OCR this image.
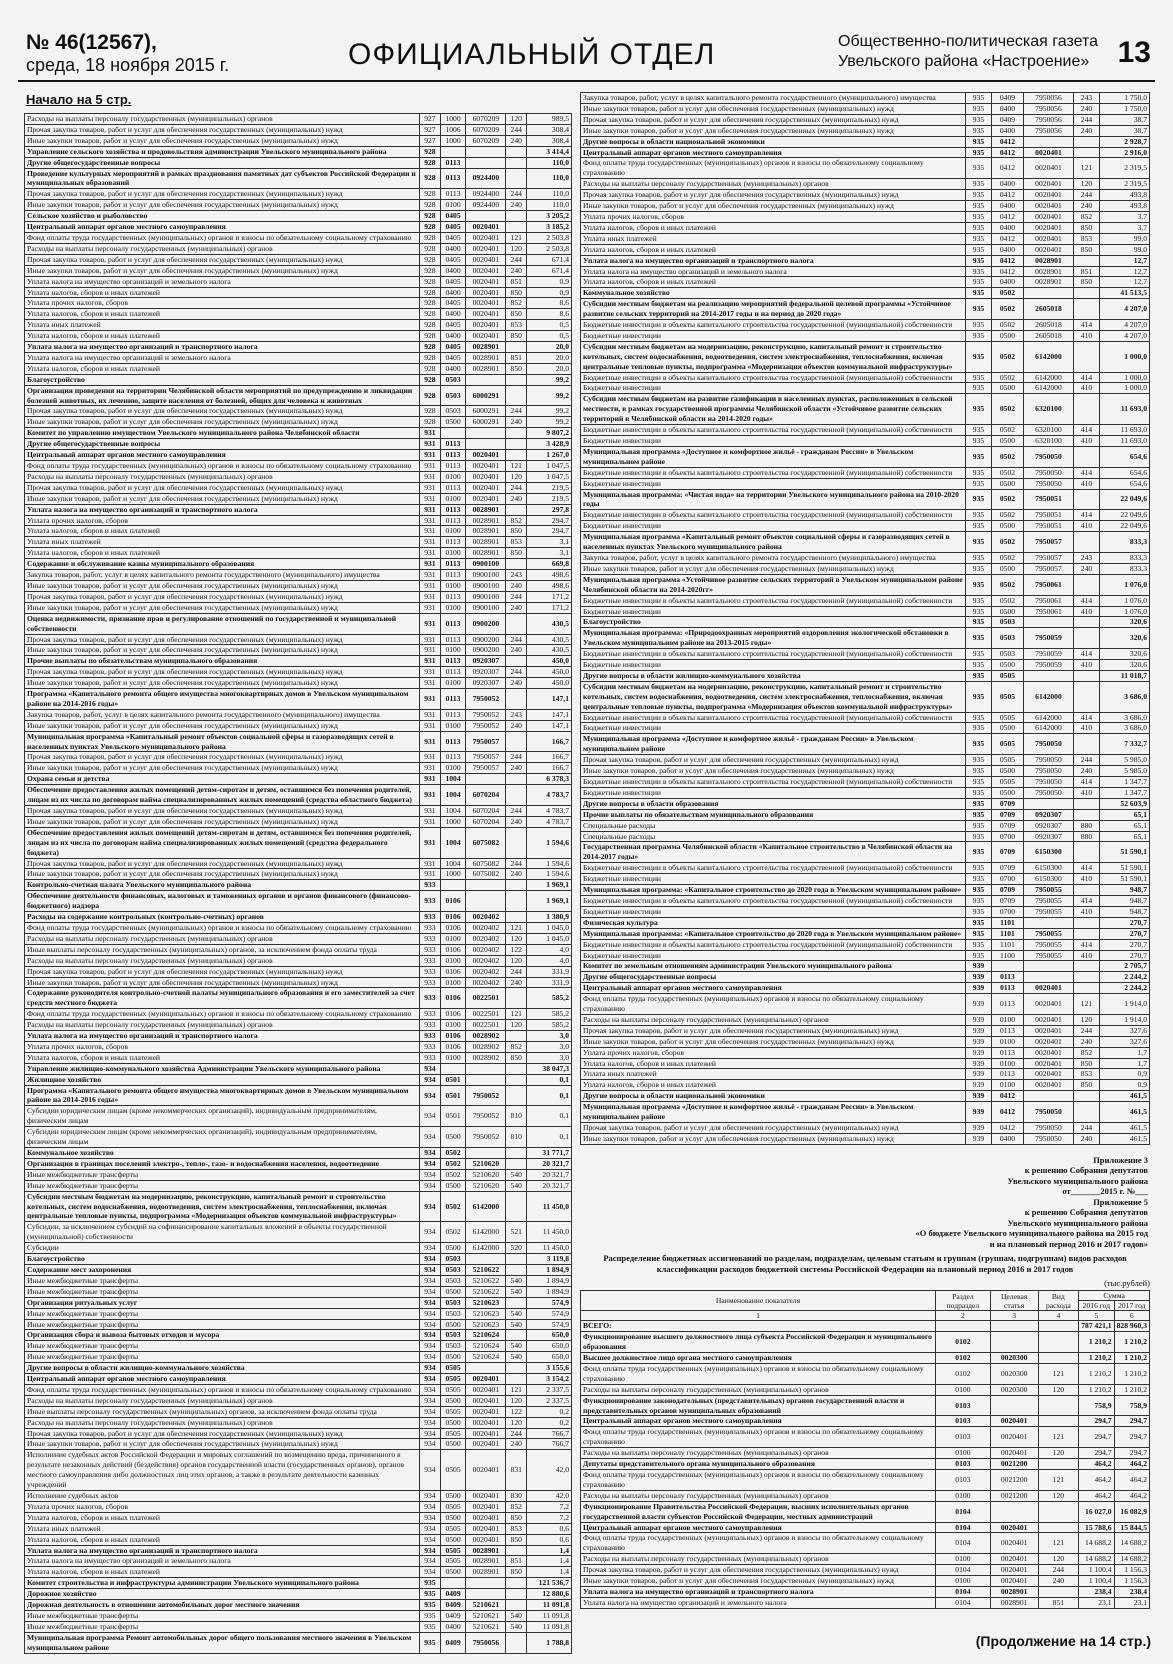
№ 46(12567),
среда, 18 ноября 2015 г.	ОФИЦИАЛЬНЫЙ ОТДЕЛ	Общественно-политическая газета
Увельского района «Настроение» 13
Начало на 5 стр.
Расходы на выплаты персоналу государственных (муниципальных) органов	927	1000	6070209	120	989,5
Прочая закупка товаров, работ и услуг для обеспечения государственных (муниципальных) нужд	927	1006	6070209	244	308,4
Иные закупки товаров, работ и услуг для обеспечения государственных (муниципальных) нужд	927	1000	6070209	240	308,4
Управление сельского хозяйства и продовольствия администрации Увельского муниципального района	928				3 414,4
Другие общегосударственные вопросы	928	0113			110,0
Проведение культурных мероприятий в рамках празднования памятных дат субъектов Российской Федерации и муниципальных образований	928	0113	0924400		110,0
Прочая закупка товаров, работ и услуг для обеспечения государственных (муниципальных) нужд	928	0113	0924400	244	110,0
Иные закупки товаров, работ и услуг для обеспечения государственных (муниципальных) нужд	928	0100	0924400	240	110,0
Сельское хозяйство и рыболовство	928	0405			3 205,2
Центральный аппарат органов местного самоуправления	928	0405	0020401		3 185,2
Фонд оплаты труда государственных (муниципальных) органов и взносы по обязательному социальному страхованию	928	0405	0020401	121	2 503,8
Расходы на выплаты персоналу государственных (муниципальных) органов	928	0400	0020401	120	2 503,8
Прочая закупка товаров, работ и услуг для обеспечения государственных (муниципальных) нужд	928	0405	0020401	244	671,4
Иные закупки товаров, работ и услуг для обеспечения государственных (муниципальных) нужд	928	0400	0020401	240	671,4
Уплата налога на имущество организаций и земельного налога	928	0405	0020401	851	0,9
Уплата налогов, сборов и иных платежей	928	0400	0020401	850	0,9
Уплата прочих налогов, сборов	928	0405	0020401	852	8,6
Уплата налогов, сборов и иных платежей	928	0400	0020401	850	8,6
Уплата иных платежей	928	0405	0020401	853	0,5
Уплата налогов, сборов и иных платежей	928	0400	0020401	850	0,5
Уплата налога на имущество организаций и транспортного налога	928	0405	0028901		20,0
Уплата налога на имущество организаций и земельного налога	928	0405	0028901	851	20,0
Уплата налогов, сборов и иных платежей	928	0400	0028901	850	20,0
Благоустройство	928	0503			99,2
Организация проведения на территории Челябинской области мероприятий по предупреждению и ликвидации болезней животных, их лечению, защите населения от болезней, общих для человека и животных	928	0503	6000291		99,2
Прочая закупка товаров, работ и услуг для обеспечения государственных (муниципальных) нужд	928	0503	6000291	244	99,2
Иные закупки товаров, работ и услуг для обеспечения государственных (муниципальных) нужд	928	0500	6000291	240	99,2
Комитет по управлению имуществом Увельского муниципального района Челябинской области	931				9 807,2
Другие общегосударственные вопросы	931	0113			3 428,9
Центральный аппарат органов местного самоуправления	931	0113	0020401		1 267,0
Фонд оплаты труда государственных (муниципальных) органов и взносы по обязательному социальному страхованию	931	0113	0020401	121	1 047,5
Расходы на выплаты персоналу государственных (муниципальных) органов	931	0100	0020401	120	1 047,5
Прочая закупка товаров, работ и услуг для обеспечения государственных (муниципальных) нужд	931	0113	0020401	244	219,5
Иные закупки товаров, работ и услуг для обеспечения государственных (муниципальных) нужд	931	0100	0020401	240	219,5
Уплата налога на имущество организаций и транспортного налога	931	0113	0028901		297,8
Уплата прочих налогов, сборов	931	0113	0028901	852	294,7
Уплата налогов, сборов и иных платежей	931	0100	0028901	850	294,7
Уплата иных платежей	931	0113	0028901	853	3,1
Уплата налогов, сборов и иных платежей	931	0100	0028901	850	3,1
Содержание и обслуживание казны муниципального образования	931	0113	0900100		669,8
Закупка товаров, работ, услуг в целях капитального ремонта государственного (муниципального) имущества	931	0113	0900100	243	498,6
Иные закупки товаров, работ и услуг для обеспечения государственных (муниципальных) нужд	931	0100	0900100	240	498,6
Прочая закупка товаров, работ и услуг для обеспечения государственных (муниципальных) нужд	931	0113	0900100	244	171,2
Иные закупки товаров, работ и услуг для обеспечения государственных (муниципальных) нужд	931	0100	0900100	240	171,2
Оценка недвижимости, признание прав и регулирование отношений по государственной и муниципальной собственности	931	0113	0900200		430,5
Прочая закупка товаров, работ и услуг для обеспечения государственных (муниципальных) нужд	931	0113	0900200	244	430,5
Иные закупки товаров, работ и услуг для обеспечения государственных (муниципальных) нужд	931	0100	0900200	240	430,5
Прочие выплаты по обязательствам муниципального образования	931	0113	0920307		450,0
Прочая закупка товаров, работ и услуг для обеспечения государственных (муниципальных) нужд	931	0113	0920307	244	450,0
Иные закупки товаров, работ и услуг для обеспечения государственных (муниципальных) нужд	931	0100	0920307	240	450,0
Программа «Капитального ремонта общего имущества многоквартирных домов в Увельском муниципальном районе на 2014-2016 годы»	931	0113	7950052		147,1
Закупка товаров, работ, услуг в целях капитального ремонта государственного (муниципального) имущества	931	0113	7950052	243	147,1
Иные закупки товаров, работ и услуг для обеспечения государственных (муниципальных) нужд	931	0100	7950052	240	147,1
Муниципальная программа «Капитальный ремонт объектов социальной сферы и газоразводящих сетей в населенных пунктах Увельского муниципального района	931	0113	7950057		166,7
Прочая закупка товаров, работ и услуг для обеспечения государственных (муниципальных) нужд	931	0113	7950057	244	166,7
Иные закупки товаров, работ и услуг для обеспечения государственных (муниципальных) нужд	931	0100	7950057	240	166,7
Охрана семьи и детства	931	1004			6 378,3
Обеспечение предоставления жилых помещений детям-сиротам и детям, оставшимся без попечения родителей, лицам из их числа по договорам найма специализированных жилых помещений (средства областного бюджета)	931	1004	6070204		4 783,7
Прочая закупка товаров, работ и услуг для обеспечения государственных (муниципальных) нужд	931	1004	6070204	244	4 783,7
Иные закупки товаров, работ и услуг для обеспечения государственных (муниципальных) нужд	931	1000	6070204	240	4 783,7
Обеспечение предоставления жилых помещений детям-сиротам и детям, оставшимся без попечения родителей, лицам из их числа по договорам найма специализированных жилых помещений (средства федерального бюджета)	931	1004	6075082		1 594,6
Прочая закупка товаров, работ и услуг для обеспечения государственных (муниципальных) нужд	931	1004	6075082	244	1 594,6
Иные закупки товаров, работ и услуг для обеспечения государственных (муниципальных) нужд	931	1000	6075082	240	1 594,6
Контрольно-счетная палата Увельского муниципального района	933				1 969,1
Обеспечение деятельности финансовых, налоговых и таможенных органов и органов финансового (финансово-бюджетного) надзора	933	0106			1 969,1
Расходы на содержание контрольных (контрольно-счетных) органов	933	0106	0020402		1 380,9
Фонд оплаты труда государственных (муниципальных) органов и взносы по обязательному социальному страхованию	933	0106	0020402	121	1 045,0
Расходы на выплаты персоналу государственных (муниципальных) органов	933	0100	0020402	120	1 045,0
Иные выплаты персоналу государственных (муниципальных) органов, за исключением фонда оплаты труда	933	0106	0020402	122	4,0
Расходы на выплаты персоналу государственных (муниципальных) органов	933	0100	0020402	120	4,0
Прочая закупка товаров, работ и услуг для обеспечения государственных (муниципальных) нужд	933	0106	0020402	244	331,9
Иные закупки товаров, работ и услуг для обеспечения государственных (муниципальных) нужд	933	0100	0020402	240	331,9
Содержание руководителя контрольно-счетной палаты муниципального образования и его заместителей за счет средств местного бюджета	933	0106	0022501		585,2
Фонд оплаты труда государственных (муниципальных) органов и взносы по обязательному социальному страхованию	933	0106	0022501	121	585,2
Расходы на выплаты персоналу государственных (муниципальных) органов	933	0100	0022501	120	585,2
Уплата налога на имущество организаций и транспортного налога	933	0106	0028902		3,0
Уплата прочих налогов, сборов	933	0106	0028902	852	3,0
Уплата налогов, сборов и иных платежей	933	0100	0028902	850	3,0
Управление жилищно-коммунального хозяйства Администрации Увельского муниципального района	934				38 047,3
Жилищное хозяйство	934	0501			0,1
Программа «Капитального ремонта общего имущества многоквартирных домов в Увельском муниципальном районе на 2014-2016 годы»	934	0501	7950052		0,1
Субсидии юридическим лицам (кроме некоммерческих организаций), индивидуальным предпринимателям, физическим лицам	934	0501	7950052	810	0,1
Субсидии юридическим лицам (кроме некоммерческих организаций), индивидуальным предпринимателям, физическим лицам	934	0500	7950052	810	0,1
Коммунальное хозяйство	934	0502			31 771,7
Организация в границах поселений электро-, тепло-, газо- и водоснабжения населения, водоотведение	934	0502	5210620		20 321,7
Иные межбюджетные трансферты	934	0502	5210620	540	20 321,7
Иные межбюджетные трансферты	934	0500	5210620	540	20 321,7
Субсидии местным бюджетам на модернизацию, реконструкцию, капитальный ремонт и строительство котельных, систем водоснабжения, водоотведения, систем электроснабжения, теплоснабжения, включая центральные тепловые пункты, подпрограмма «Модернизация объектов коммунальной инфраструктуры»	934	0502	6142000		11 450,0
Субсидии, за исключением субсидий на софинансирование капитальных вложений в объекты государственной (муниципальной) собственности	934	0502	6142000	521	11 450,0
Субсидии	934	0500	6142000	520	11 450,0
Благоустройство	934	0503			3 119,8
Содержание мест захоронения	934	0503	5210622		1 894,9
Иные межбюджетные трансферты	934	0503	5210622	540	1 894,9
Иные межбюджетные трансферты	934	0500	5210622	540	1 894,9
Организация ритуальных услуг	934	0503	5210623		574,9
Иные межбюджетные трансферты	934	0503	5210623	540	574,9
Иные межбюджетные трансферты	934	0500	5210623	540	574,9
Организация сбора и вывоза бытовых отходов и мусора	934	0503	5210624		650,0
Иные межбюджетные трансферты	934	0503	5210624	540	650,0
Иные межбюджетные трансферты	934	0500	5210624	540	650,0
Другие вопросы в области жилищно-коммунального хозяйства	934	0505			3 155,6
Центральный аппарат органов местного самоуправления	934	0505	0020401		3 154,2
Фонд оплаты труда государственных (муниципальных) органов и взносы по обязательному социальному страхованию	934	0505	0020401	121	2 337,5
Расходы на выплаты персоналу государственных (муниципальных) органов	934	0500	0020401	120	2 337,5
Иные выплаты персоналу государственных (муниципальных) органов, за исключением фонда оплаты труда	934	0505	0020401	122	0,2
Расходы на выплаты персоналу государственных (муниципальных) органов	934	0500	0020401	120	0,2
Прочая закупка товаров, работ и услуг для обеспечения государственных (муниципальных) нужд	934	0505	0020401	244	766,7
Иные закупки товаров, работ и услуг для обеспечения государственных (муниципальных) нужд	934	0500	0020401	240	766,7
Исполнение судебных актов Российской Федерации и мировых соглашений по возмещению вреда, причиненного в результате незаконных действий (бездействия) органов государственной власти (государственных органов), органов местного самоуправления либо должностных лиц этих органов, а также в результате деятельности казенных учреждений	934	0505	0020401	831	42,0
Исполнение судебных актов	934	0500	0020401	830	42,0
Уплата прочих налогов, сборов	934	0505	0020401	852	7,2
Уплата налогов, сборов и иных платежей	934	0500	0020401	850	7,2
Уплата иных платежей	934	0505	0020401	853	0,6
Уплата налогов, сборов и иных платежей	934	0500	0020401	850	0,6
Уплата налога на имущество организаций и транспортного налога	934	0505	0028901		1,4
Уплата налога на имущество организаций и земельного налога	934	0505	0028901	851	1,4
Уплата налогов, сборов и иных платежей	934	0500	0028901	850	1,4
Комитет строительства и инфраструктуры администрации Увельского муниципального района	935				121 536,7
Дорожное хозяйство	935	0409			12 880,6
Дорожная деятельность в отношении автомобильных дорог местного значения	935	0409	5210621		11 091,8
Иные межбюджетные трансферты	935	0409	5210621	540	11 091,8
Иные межбюджетные трансферты	935	0400	5210621	540	11 091,8
Муниципальная программа Ремонт автомобильных дорог общего пользования местного значения в Увельском муниципальном районе	935	0409	7950056		1 788,8
Закупка товаров, работ, услуг в целях капитального ремонта государственного (муниципального) имущества	935	0409	7950056	243	1 750,0
Иные закупки товаров, работ и услуг для обеспечения государственных (муниципальных) нужд	935	0400	7950056	240	1 750,0
Прочая закупка товаров, работ и услуг для обеспечения государственных (муниципальных) нужд	935	0409	7950056	244	38,7
Иные закупки товаров, работ и услуг для обеспечения государственных (муниципальных) нужд	935	0400	7950056	240	38,7
Другие вопросы в области национальной экономики	935	0412			2 928,7
Центральный аппарат органов местного самоуправления	935	0412	0020401		2 916,0
Фонд оплаты труда государственных (муниципальных) органов и взносы по обязательному социальному страхованию	935	0412	0020401	121	2 319,5
Расходы на выплаты персоналу государственных (муниципальных) органов	935	0400	0020401	120	2 319,5
Прочая закупка товаров, работ и услуг для обеспечения государственных (муниципальных) нужд	935	0412	0020401	244	493,8
Иные закупки товаров, работ и услуг для обеспечения государственных (муниципальных) нужд	935	0400	0020401	240	493,8
Уплата прочих налогов, сборов	935	0412	0020401	852	3,7
Уплата налогов, сборов и иных платежей	935	0400	0020401	850	3,7
Уплата иных платежей	935	0412	0020401	853	99,0
Уплата налогов, сборов и иных платежей	935	0400	0020401	850	99,0
Уплата налога на имущество организаций и транспортного налога	935	0412	0028901		12,7
Уплата налога на имущество организаций и земельного налога	935	0412	0028901	851	12,7
Уплата налогов, сборов и иных платежей	935	0400	0028901	850	12,7
Коммунальное хозяйство	935	0502			41 513,5
Субсидии местным бюджетам на реализацию мероприятий федеральной целевой программы «Устойчивое развитие сельских территорий на 2014-2017 годы и на период до 2020 года»	935	0502	2605018		4 207,0
Бюджетные инвестиции в объекты капитального строительства государственной (муниципальной) собственности	935	0502	2605018	414	4 207,0
Бюджетные инвестиции	935	0500	2605018	410	4 207,0
Субсидии местным бюджетам на модернизацию, реконструкцию, капитальный ремонт и строительство котельных, систем водоснабжения, водоотведения, систем электроснабжения, теплоснабжения, включая центральные тепловые пункты, подпрограмма «Модернизация объектов коммунальной инфраструктуры»	935	0502	6142000		1 000,0
Бюджетные инвестиции в объекты капитального строительства государственной (муниципальной) собственности	935	0502	6142000	414	1 000,0
Бюджетные инвестиции	935	0500	6142000	410	1 000,0
Субсидии местным бюджетам на развитие газификации в населенных пунктах, расположенных в сельской местности, в рамках государственной программы Челябинской области «Устойчивое развитие сельских территорий в Челябинской области на 2014-2020 годы»	935	0502	6320100		11 693,0
Бюджетные инвестиции в объекты капитального строительства государственной (муниципальной) собственности	935	0502	6320100	414	11 693,0
Бюджетные инвестиции	935	0500	6320100	410	11 693,0
Муниципальная программа «Доступное и комфортное жильё - гражданам России» в Увельском муниципальном районе	935	0502	7950050		654,6
Бюджетные инвестиции в объекты капитального строительства государственной (муниципальной) собственности	935	0502	7950050	414	654,6
Бюджетные инвестиции	935	0500	7950050	410	654,6
Муниципальная программа: «Чистая вода» на территории Увельского муниципального района на 2010-2020 годы	935	0502	7950051		22 049,6
Бюджетные инвестиции в объекты капитального строительства государственной (муниципальной) собственности	935	0502	7950051	414	22 049,6
Бюджетные инвестиции	935	0500	7950051	410	22 049,6
Муниципальная программа «Капитальный ремонт объектов социальной сферы и газоразводящих сетей в населенных пунктах Увельского муниципального района	935	0502	7950057		833,3
Закупка товаров, работ, услуг в целях капитального ремонта государственного (муниципального) имущества	935	0502	7950057	243	833,3
Иные закупки товаров, работ и услуг для обеспечения государственных (муниципальных) нужд	935	0500	7950057	240	833,3
Муниципальная программа «Устойчивое развитие сельских территорий в Увельском муниципальном районе Челябинской области на 2014-2020гг»	935	0502	7950061		1 076,0
Бюджетные инвестиции в объекты капитального строительства государственной (муниципальной) собственности	935	0502	7950061	414	1 076,0
Бюджетные инвестиции	935	0500	7950061	410	1 076,0
Благоустройство	935	0503			320,6
Муниципальная программа: «Природоохранных мероприятий оздоровления экологической обстановки в Увельском муниципальном районе на 2013-2015 годы»	935	0503	7950059		320,6
Бюджетные инвестиции в объекты капитального строительства государственной (муниципальной) собственности	935	0503	7950059	414	320,6
Бюджетные инвестиции	935	0500	7950059	410	320,6
Другие вопросы в области жилищно-коммунального хозяйства	935	0505			11 018,7
Субсидии местным бюджетам на модернизацию, реконструкцию, капитальный ремонт и строительство котельных, систем водоснабжения, водоотведения, систем электроснабжения, теплоснабжения, включая центральные тепловые пункты, подпрограмма «Модернизация объектов коммунальной инфраструктуры»	935	0505	6142000		3 686,0
Бюджетные инвестиции в объекты капитального строительства государственной (муниципальной) собственности	935	0505	6142000	414	3 686,0
Бюджетные инвестиции	935	0500	6142000	410	3 686,0
Муниципальная программа «Доступное и комфортное жильё - гражданам России» в Увельском муниципальном районе	935	0505	7950050		7 332,7
Прочая закупка товаров, работ и услуг для обеспечения государственных (муниципальных) нужд	935	0505	7950050	244	5 985,0
Иные закупки товаров, работ и услуг для обеспечения государственных (муниципальных) нужд	935	0500	7950050	240	5 985,0
Бюджетные инвестиции в объекты капитального строительства государственной (муниципальной) собственности	935	0505	7950050	414	1 347,7
Бюджетные инвестиции	935	0500	7950050	410	1 347,7
Другие вопросы в области образования	935	0709			52 603,9
Прочие выплаты по обязательствам муниципального образования	935	0709	0920307		65,1
Специальные расходы	935	0709	0920307	880	65,1
Специальные расходы	935	0700	0920307	880	65,1
Государственная программа Челябинской области «Капитальное строительство в Челябинской области на 2014-2017 годы»	935	0709	6150300		51 590,1
Бюджетные инвестиции в объекты капитального строительства государственной (муниципальной) собственности	935	0709	6150300	414	51 590,1
Бюджетные инвестиции	935	0700	6150300	410	51 590,1
Муниципальная программа: «Капитальное строительство до 2020 года в Увельском муниципальном районе»	935	0709	7950055		948,7
Бюджетные инвестиции в объекты капитального строительства государственной (муниципальной) собственности	935	0709	7950055	414	948,7
Бюджетные инвестиции	935	0700	7950055	410	948,7
Физическая культура	935	1101			270,7
Муниципальная программа: «Капитальное строительство до 2020 года в Увельском муниципальном районе»	935	1101	7950055		270,7
Бюджетные инвестиции в объекты капитального строительства государственной (муниципальной) собственности	935	1101	7950055	414	270,7
Бюджетные инвестиции	935	1100	7950055	410	270,7
Комитет по земельным отношениям администрации Увельского муниципального района	939				2 705,7
Другие общегосударственные вопросы	939	0113			2 244,2
Центральный аппарат органов местного самоуправления	939	0113	0020401		2 244,2
Фонд оплаты труда государственных (муниципальных) органов и взносы по обязательному социальному страхованию	939	0113	0020401	121	1 914,0
Расходы на выплаты персоналу государственных (муниципальных) органов	939	0100	0020401	120	1 914,0
Прочая закупка товаров, работ и услуг для обеспечения государственных (муниципальных) нужд	939	0113	0020401	244	327,6
Иные закупки товаров, работ и услуг для обеспечения государственных (муниципальных) нужд	939	0100	0020401	240	327,6
Уплата прочих налогов, сборов	939	0113	0020401	852	1,7
Уплата налогов, сборов и иных платежей	939	0100	0020401	850	1,7
Уплата иных платежей	939	0113	0020401	853	0,9
Уплата налогов, сборов и иных платежей	939	0100	0020401	850	0,9
Другие вопросы в области национальной экономики	939	0412			461,5
Муниципальная программа «Доступное и комфортное жильё - гражданам России» в Увельском муниципальном районе	939	0412	7950050		461,5
Прочая закупка товаров, работ и услуг для обеспечения государственных (муниципальных) нужд	939	0412	7950050	244	461,5
Иные закупки товаров, работ и услуг для обеспечения государственных (муниципальных) нужд	939	0400	7950050	240	461,5
Приложение 3
к решению Собрания депутатов
Увельского муниципального района
от_______2015 г. №___
Приложение 5
к решению Собрания депутатов
Увельского муниципального района
«О бюджете Увельского муниципального района на 2015 год
и на плановый период 2016 и 2017 годов»
Распределение бюджетных ассигнований по разделам, подразделам, целевым статьям и группам (группам, подгруппам) видов расходов классификации расходов бюджетной системы Российской Федерации на плановый период 2016 и 2017 годов
(тыс.рублей)
Наименование показателя	Раздел подраздел	Целевая статья	Вид расхода	Сумма	
				2016 год	2017 год
1	2	3	4	5	6
ВСЕГО:				787 421,1	828 960,3
Функционирование высшего должностного лица субъекта Российской Федерации и муниципального образования	0102			1 210,2	1 210,2
Высшее должностное лицо органа местного самоуправления	0102	0020300		1 210,2	1 210,2
Фонд оплаты труда государственных (муниципальных) органов и взносы по обязательному социальному страхованию	0102	0020300	121	1 210,2	1 210,2
Расходы на выплаты персоналу государственных (муниципальных) органов	0100	0020300	120	1 210,2	1 210,2
Функционирование законодательных (представительных) органов государственной власти и представительных органов муниципальных образований	0103			758,9	758,9
Центральный аппарат органов местного самоуправления	0103	0020401		294,7	294,7
Фонд оплаты труда государственных (муниципальных) органов и взносы по обязательному социальному страхованию	0103	0020401	121	294,7	294,7
Расходы на выплаты персоналу государственных (муниципальных) органов	0100	0020401	120	294,7	294,7
Депутаты представительного органа муниципального образования	0103	0021200		464,2	464,2
Фонд оплаты труда государственных (муниципальных) органов и взносы по обязательному социальному страхованию	0103	0021200	121	464,2	464,2
Расходы на выплаты персоналу государственных (муниципальных) органов	0100	0021200	120	464,2	464,2
Функционирование Правительства Российской Федерации, высших исполнительных органов государственной власти субъектов Российской Федерации, местных администраций	0104			16 027,0	16 082,9
Центральный аппарат органов местного самоуправления	0104	0020401		15 788,6	15 844,5
Фонд оплаты труда государственных (муниципальных) органов и взносы по обязательному социальному страхованию	0104	0020401	121	14 688,2	14 688,2
Расходы на выплаты персоналу государственных (муниципальных) органов	0100	0020401	120	14 688,2	14 688,2
Прочая закупка товаров, работ и услуг для обеспечения государственных (муниципальных) нужд	0104	0020401	244	1 100,4	1 156,3
Иные закупки товаров, работ и услуг для обеспечения государственных (муниципальных) нужд	0100	0020401	240	1 100,4	1 156,3
Уплата налога на имущество организаций и транспортного налога	0104	0028901		238,4	238,4
Уплата налога на имущество организаций и земельного налога	0104	0028901	851	23,1	23,1
(Продолжение на 14 стр.)
